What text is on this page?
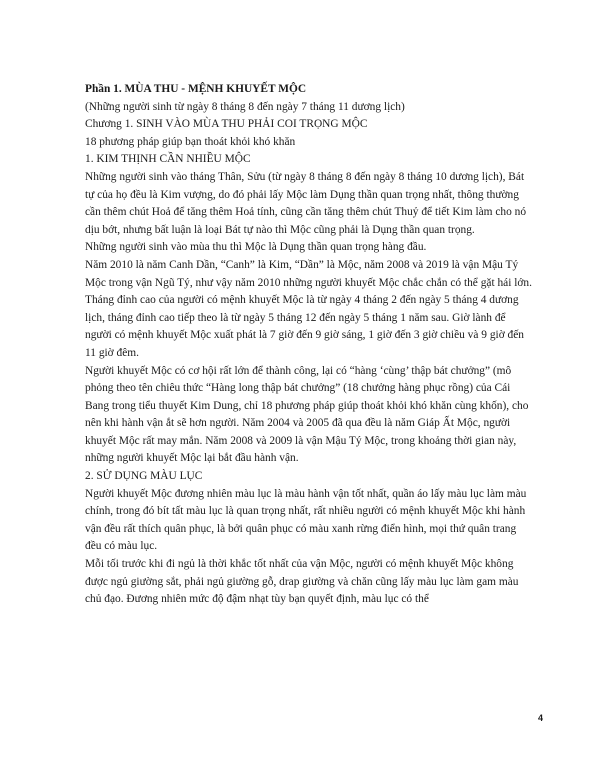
Phần 1. MÙA THU - MỆNH KHUYẾT MỘC

(Những người sinh từ ngày 8 tháng 8 đến ngày 7 tháng 11 dương lịch)

Chương 1. SINH VÀO MÙA THU PHẢI COI TRỌNG MỘC

18 phương pháp giúp bạn thoát khỏi khó khăn

1. KIM THỊNH CẦN NHIỀU MỘC

Những người sinh vào tháng Thân, Sửu (từ ngày 8 tháng 8 đến ngày 8 tháng 10 dương lịch), Bát tự của họ đều là Kim vượng, do đó phải lấy Mộc làm Dụng thần quan trọng nhất, thông thường cần thêm chút Hoả để tăng thêm Hoả tính, cũng cần tăng thêm chút Thuỷ để tiết Kim làm cho nó dịu bớt, nhưng bất luận là loại Bát tự nào thì Mộc cũng phải là Dụng thần quan trọng.

Những người sinh vào mùa thu thì Mộc là Dụng thần quan trọng hàng đầu.

Năm 2010 là năm Canh Dần, “Canh” là Kim, “Dần” là Mộc, năm 2008 và 2019 là vận Mậu Tý Mộc trong vận Ngũ Tý, như vậy năm 2010 những người khuyết Mộc chắc chắn có thể gặt hái lớn.

Tháng đỉnh cao của người có mệnh khuyết Mộc là từ ngày 4 tháng 2 đến ngày 5 tháng 4 dương lịch, tháng đỉnh cao tiếp theo là từ ngày 5 tháng 12 đến ngày 5 tháng 1 năm sau. Giờ lành để người có mệnh khuyết Mộc xuất phát là 7 giờ đến 9 giờ sáng, 1 giờ đến 3 giờ chiều và 9 giờ đến 11 giờ đêm.

Người khuyết Mộc có cơ hội rất lớn để thành công, lại có “hàng ‘cùng’ thập bát chưởng” (mô phỏng theo tên chiêu thức “Hàng long thập bát chưởng” (18 chưởng hàng phục rồng) của Cái Bang trong tiểu thuyết Kim Dung, chỉ 18 phương pháp giúp thoát khỏi khó khăn cùng khốn), cho nên khi hành vận ắt sẽ hơn người. Năm 2004 và 2005 đã qua đều là năm Giáp Ất Mộc, người khuyết Mộc rất may mắn. Năm 2008 và 2009 là vận Mậu Tý Mộc, trong khoảng thời gian này, những người khuyết Mộc lại bắt đầu hành vận.

2. SỬ DỤNG MÀU LỤC

Người khuyết Mộc đương nhiên màu lục là màu hành vận tốt nhất, quần áo lấy màu lục làm màu chính, trong đó bít tất màu lục là quan trọng nhất, rất nhiều người có mệnh khuyết Mộc khi hành vận đều rất thích quân phục, là bởi quân phục có màu xanh rừng điển hình, mọi thứ quân trang đều có màu lục.

Mỗi tối trước khi đi ngủ là thời khắc tốt nhất của vận Mộc, người có mệnh khuyết Mộc không được ngủ giường sắt, phải ngủ giường gỗ, drap giường và chăn cũng lấy màu lục làm gam màu chủ đạo. Đương nhiên mức độ đậm nhạt tùy bạn quyết định, màu lục có thể

4
